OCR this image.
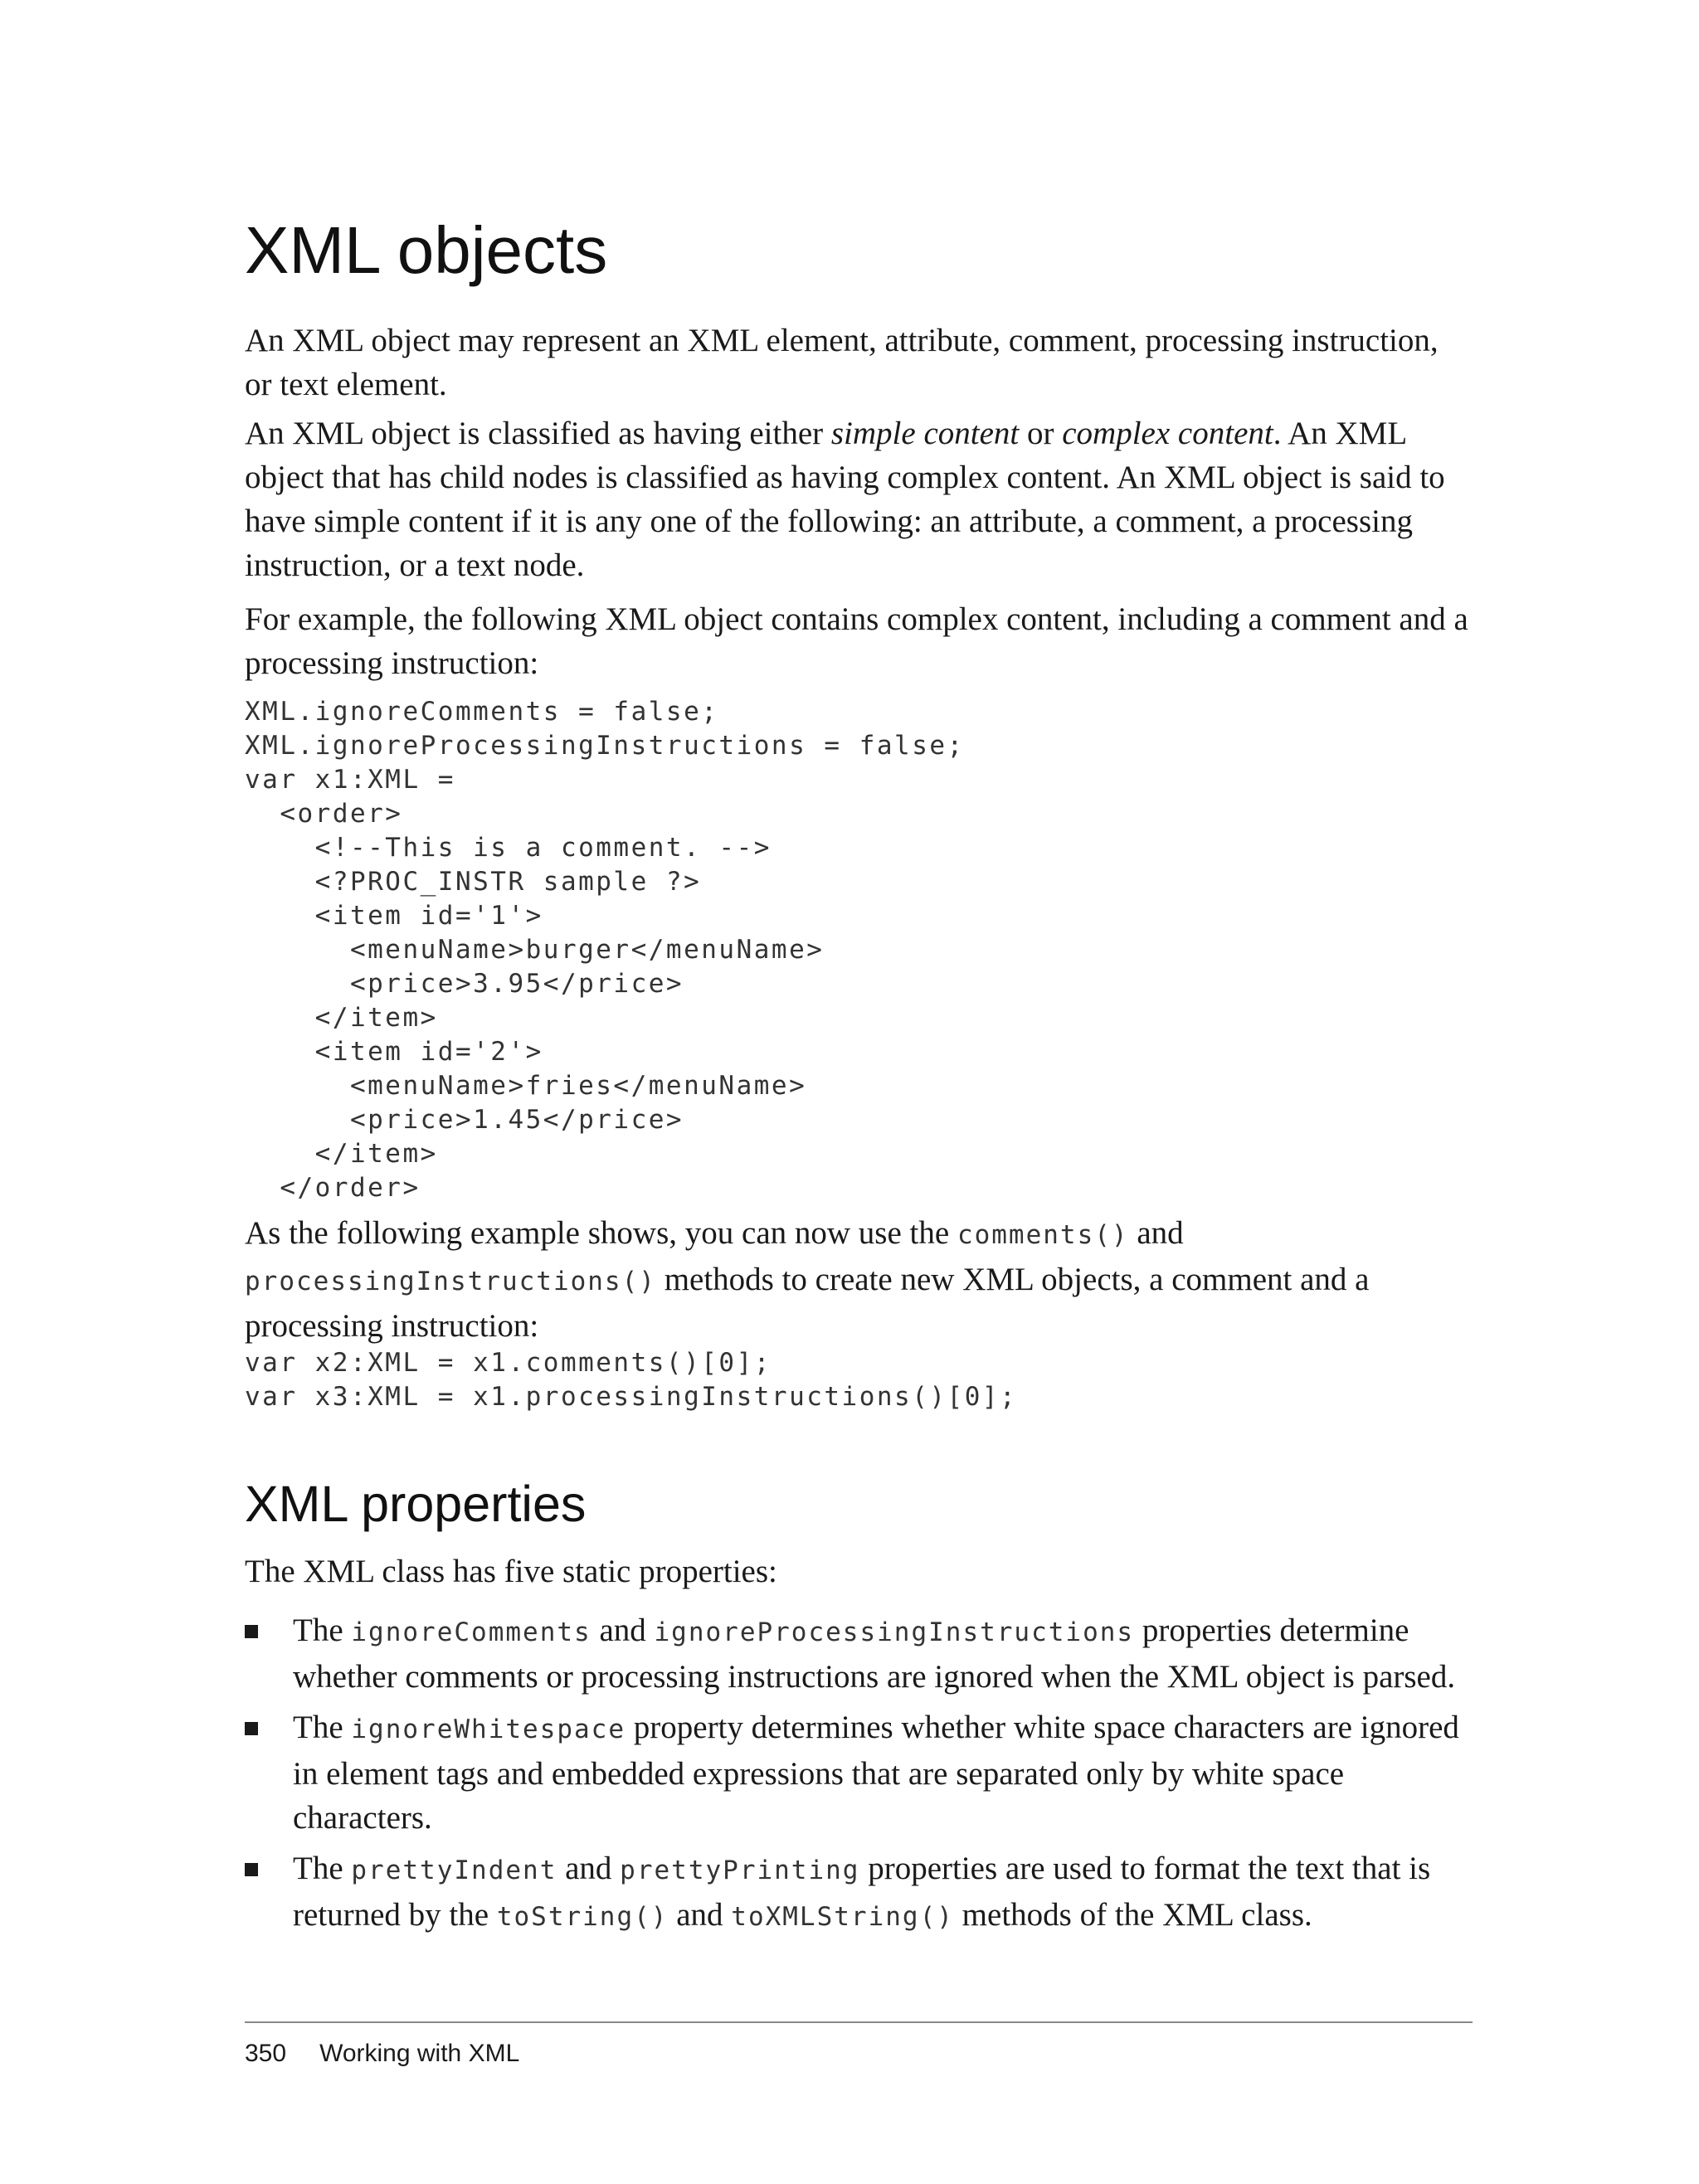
XML objects

An XML object may represent an XML element, attribute, comment, processing instruction, or text element.

An XML object is classified as having either simple content or complex content. An XML object that has child nodes is classified as having complex content. An XML object is said to have simple content if it is any one of the following: an attribute, a comment, a processing instruction, or a text node.

For example, the following XML object contains complex content, including a comment and a processing instruction:

XML.ignoreComments = false;
XML.ignoreProcessingInstructions = false;
var x1:XML =
<order>
<!--This is a comment. -->
<?PROC_INSTR sample ?>
<item id='1'>
<menuName>burger</menuName>
<price>3.95</price>
</item>
<item id='2'>
<menuName>fries</menuName>
<price>1.45</price>
</item>
</order>

As the following example shows, you can now use the comments() and processingInstructions() methods to create new XML objects, a comment and a processing instruction:

var x2:XML = x1.comments()[0];
var x3:XML = x1.processingInstructions()[0];
XML properties

The XML class has five static properties:

The ignoreComments and ignoreProcessingInstructions properties determine whether comments or processing instructions are ignored when the XML object is parsed.
The ignoreWhitespace property determines whether white space characters are ignored in element tags and embedded expressions that are separated only by white space characters.
The prettyIndent and prettyPrinting properties are used to format the text that is returned by the toString() and toXMLString() methods of the XML class.
350 Working with XML
